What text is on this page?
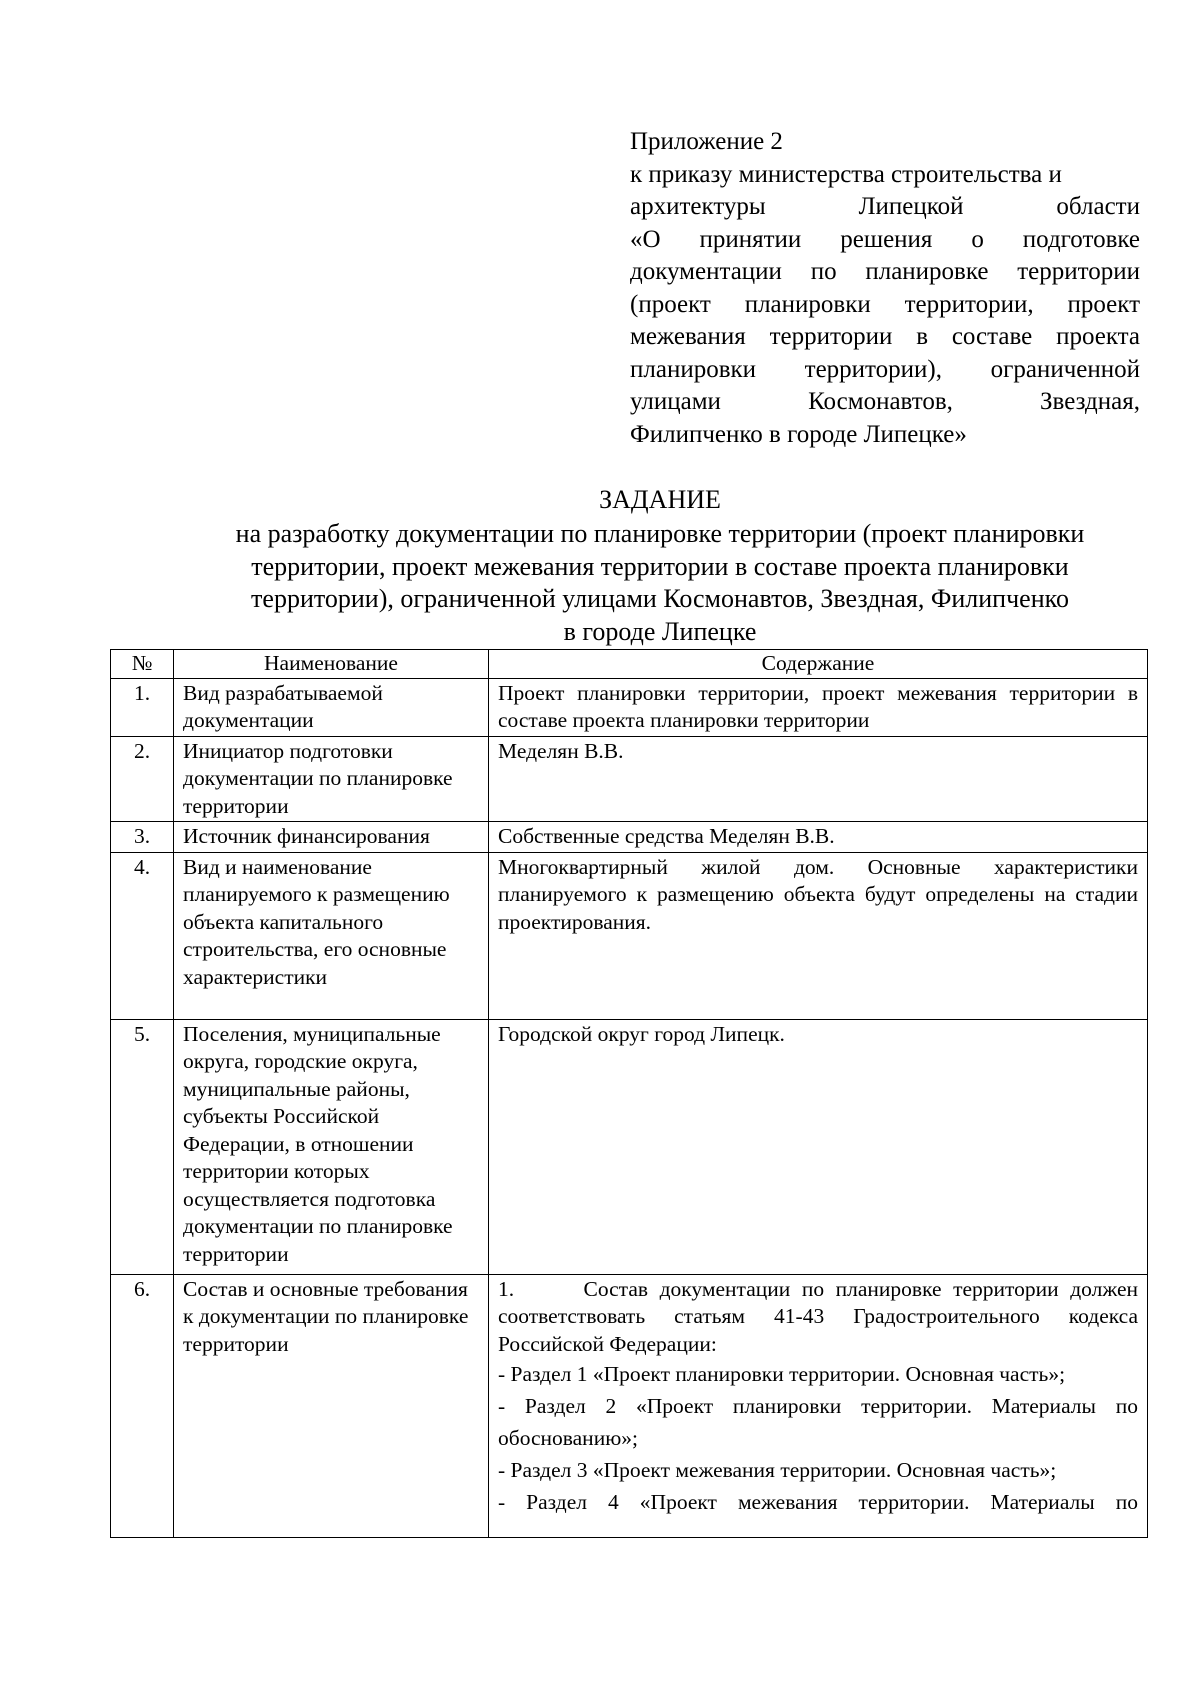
Приложение 2
к приказу министерства строительства и
архитектуры	Липецкой	области
«О принятии решения о подготовке документации по планировке территории (проект планировки территории, проект межевания территории в составе проекта планировки территории), ограниченной улицами Космонавтов, Звездная,
Филипченко в городе Липецке»
ЗАДАНИЕ
на разработку документации по планировке территории (проект планировки
территории, проект межевания территории в составе проекта планировки
территории), ограниченной улицами Космонавтов, Звездная, Филипченко
в городе Липецке
№	Наименование	Содержание
1.	Вид разрабатываемой документации	Проект планировки территории, проект межевания территории в составе проекта планировки территории

2.	Инициатор подготовки документации по планировке территории	Меделян В.В.

3.	Источник финансирования	Собственные средства Меделян В.В.

4.	Вид и наименование планируемого к размещению объекта капитального строительства, его основные характеристики	Многоквартирный жилой дом. Основные характеристики планируемого к размещению объекта будут определены на стадии проектирования.

5.	Поселения, муниципальные округа, городские округа, муниципальные районы, субъекты Российской Федерации, в отношении территории которых осуществляется подготовка документации по планировке территории	Городской округ город Липецк.

6.	Состав и основные требования к документации по планировке территории	1.      Состав документации по планировке территории должен соответствовать статьям 41-43 Градостроительного кодекса Российской Федерации:
- Раздел 1 «Проект планировки территории. Основная часть»;
- Раздел 2 «Проект планировки территории. Материалы по обоснованию»;
- Раздел 3 «Проект межевания территории. Основная часть»;
- Раздел 4 «Проект межевания территории. Материалы по
